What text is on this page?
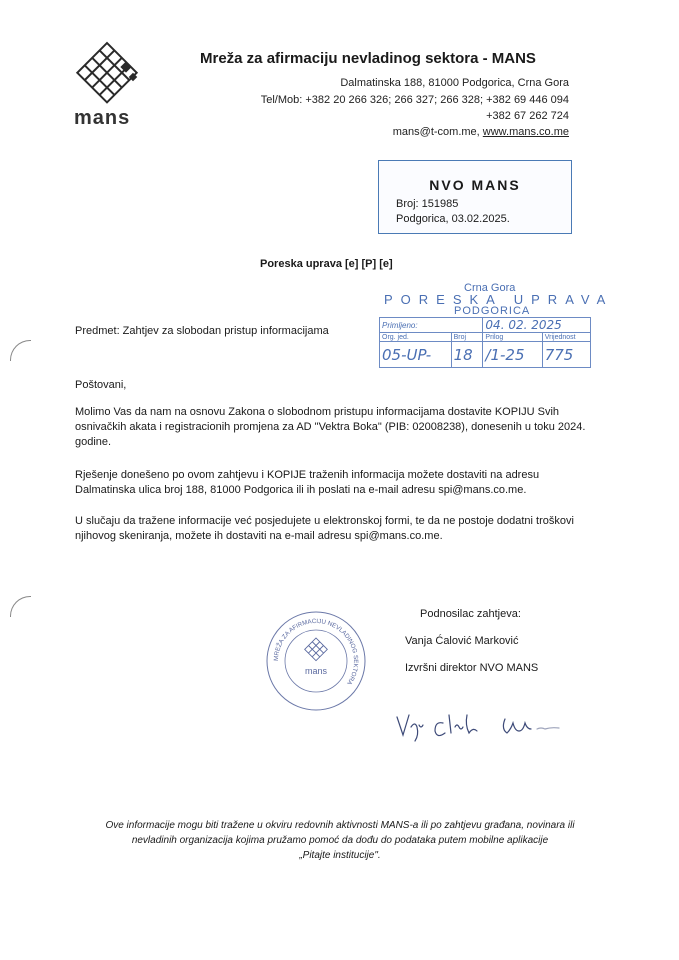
mans
Mreža za afirmaciju nevladinog sektora - MANS
Dalmatinska 188, 81000 Podgorica, Crna Gora
Tel/Mob: +382 20 266 326; 266 327; 266 328; +382 69 446 094
+382 67 262 724
mans@t-com.me, www.mans.co.me
NVO MANS
Broj: 151985
Podgorica, 03.02.2025.
Poreska uprava [e] [P] [e]
Crna Gora
PORESKA UPRAVA
PODGORICA
Primljeno:		04. 02. 2025	
Org. jed.	Broj	Prilog	Vrijednost
05-UP-	18	/1-25	775
Predmet: Zahtjev za slobodan pristup informacijama
Poštovani,
Molimo Vas da nam na osnovu Zakona o slobodnom pristupu informacijama dostavite KOPIJU Svih osnivačkih akata i registracionih promjena za AD "Vektra Boka" (PIB: 02008238), donesenih u toku 2024. godine.
Rješenje donešeno po ovom zahtjevu i KOPIJE traženih informacija možete dostaviti na adresu Dalmatinska ulica broj 188, 81000 Podgorica ili ih poslati na e-mail adresu spi@mans.co.me.
U slučaju da tražene informacije već posjedujete u elektronskoj formi, te da ne postoje dodatni troškovi njihovog skeniranja, možete ih dostaviti na e-mail adresu spi@mans.co.me.
MREŽA ZA AFIRMACIJU NEVLADINOG SEKTORA
mans
Podnosilac zahtjeva:
Vanja Ćalović Marković
Izvršni direktor NVO MANS
Ove informacije mogu biti tražene u okviru redovnih aktivnosti MANS-a ili po zahtjevu građana, novinara ili
nevladinih organizacija kojima pružamo pomoć da dođu do podataka putem mobilne aplikacije
„Pitajte institucije".
